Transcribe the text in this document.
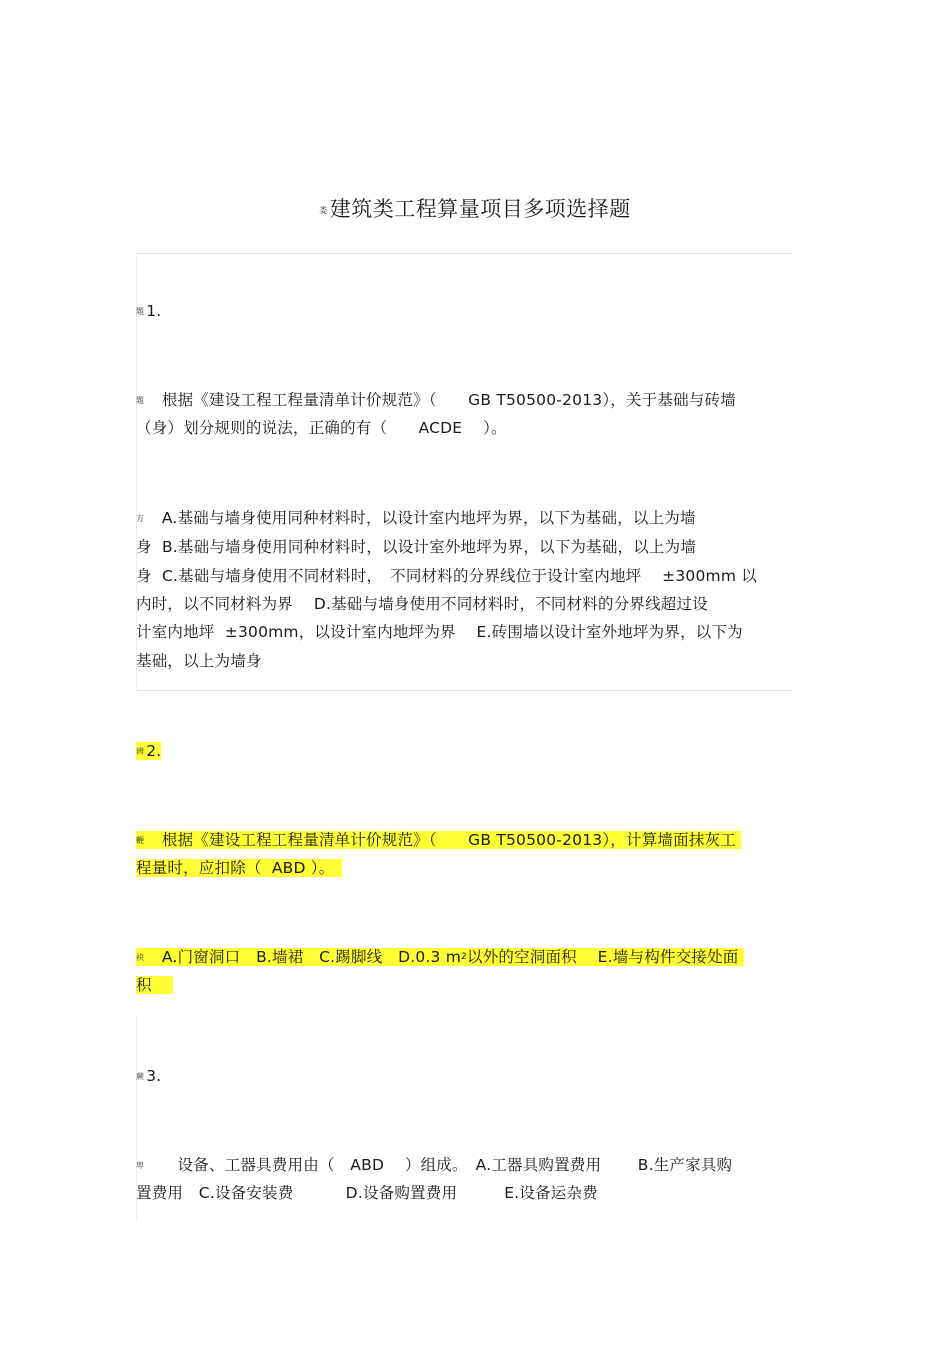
娄建筑类工程算量项目多项选择题
題 1.
題　 根据《建设工程工程量清单计价规范》（　　GB T50500-2013），关于基础与砖墙
（身）划分规则的说法，正确的有（　　ACDE　 ）。
方　 A.基础与墙身使用同种材料时，以设计室内地坪为界，以下为基础，以上为墙
身  B.基础与墙身使用同种材料时，以设计室外地坪为界，以下为基础，以上为墙
身  C.基础与墙身使用不同材料时，　不同材料的分界线位于设计室内地坪　 ±300mm 以
内时，以不同材料为界　 D.基础与墙身使用不同材料时，不同材料的分界线超过设
计室内地坪  ±300mm，以设计室内地坪为界　 E.砖围墙以设计室外地坪为界，以下为
基础，以上为墙身
辨 2.
鞭　 根据《建设工程工程量清单计价规范》（　　GB T50500-2013），计算墙面抹灰工
程量时，应扣除（  ABD ）。　
袂　 A.门窗洞口　B.墙裙　C.踢脚线　D.0.3 $m^2$以外的空洞面积　 E.墙与构件交接处面
积　
蕨 3.
卑　　 设备、工器具费用由（　ABD　 ）组成。　A.工器具购置费用　　 B.生产家具购
置费用　C.设备安装费　　　 D.设备购置费用　　　E.设备运杂费
